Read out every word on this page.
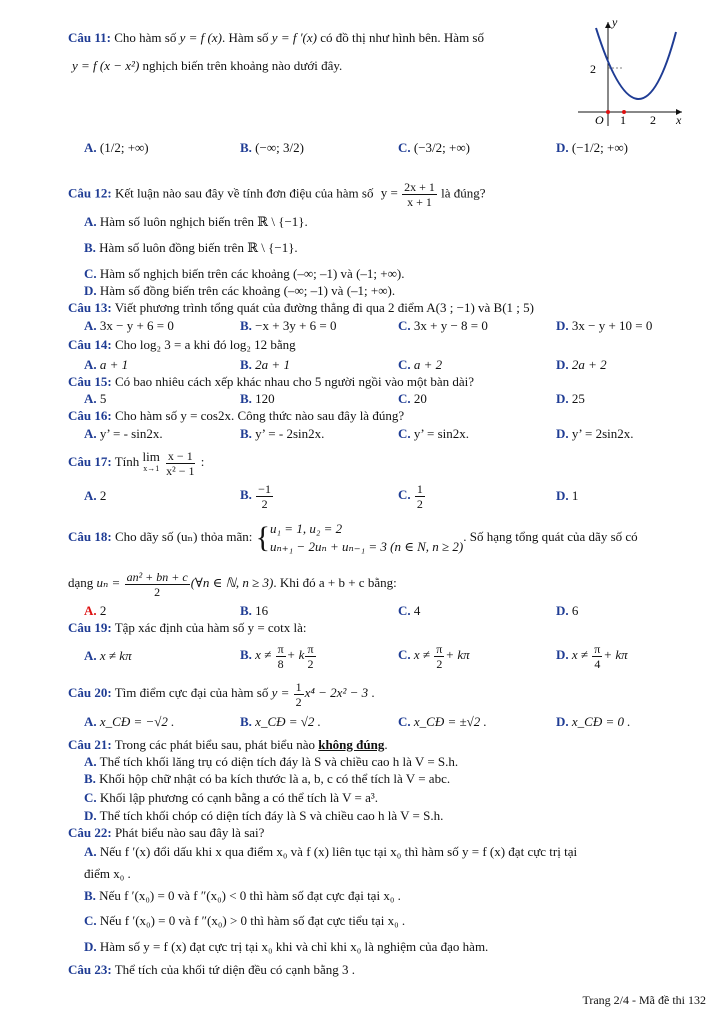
Câu 11: Cho hàm số y = f (x). Hàm số y = f ′(x) có đồ thị như hình bên. Hàm số
y = f (x − x²) nghịch biến trên khoảng nào dưới đây.
y
x
O 1 2
2
A. (1/2; +∞)	B. (−∞; 3/2)	C. (−3/2; +∞)	D. (−1/2; +∞)
Câu 12: Kết luận nào sau đây về tính đơn điệu của hàm số $y = \frac{2x + 1}{x + 1}$ là đúng?
A. Hàm số luôn nghịch biến trên ℝ \ {−1}.
B. Hàm số luôn đồng biến trên ℝ \ {−1}.
C. Hàm số nghịch biến trên các khoảng (–∞; –1) và (–1; +∞).
D. Hàm số đồng biến trên các khoảng (–∞; –1) và (–1; +∞).
Câu 13: Viết phương trình tổng quát của đường thẳng đi qua 2 điểm A(3 ; −1) và B(1 ; 5)
A. 3x − y + 6 = 0	B. −x + 3y + 6 = 0	C. 3x + y − 8 = 0	D. 3x − y + 10 = 0
Câu 14: Cho log₂ 3 = a khi đó log₂ 12 bằng
A. a + 1	B. 2a + 1	C. a + 2	D. 2a + 2
Câu 15: Có bao nhiêu cách xếp khác nhau cho 5 người ngồi vào một bàn dài?
A. 5	B. 120	C. 20	D. 25
Câu 16: Cho hàm số y = cos2x. Công thức nào sau đây là đúng?
A. y’ = - sin2x.	B. y’ = - 2sin2x.	C. y’ = sin2x.	D. y’ = 2sin2x.
Câu 17: Tính lim
x→1
$\frac{x - 1}{\text{x² − 1}}$ :
A. 2	B. $\frac{-1}{2}$	C. $\frac{1}{2}$	D. 1
Câu 18: Cho dãy số (uₙ) thỏa mãn: { u₁ = 1, u₂ = 2
uₙ₊₁ − 2uₙ + uₙ₋₁ = 3 (n ∈ N, n ≥ 2)
. Số hạng tổng quát của dãy số có
dạng $u_n = \frac{\text{an² + bn + c}}{2}$ (∀n ∈ ℕ, n ≥ 3). Khi đó a + b + c bằng:
A. 2	B. 16	C. 4	D. 6
Câu 19: Tập xác định của hàm số y = cotx là:
A. x ≠ kπ	B. $x \ne \frac{\pi}{8} + k \frac{\pi}{2}$	C. $x \ne \frac{\pi}{2} + k\pi$	D. $x \ne \frac{\pi}{4} + k\pi$
Câu 20: Tìm điểm cực đại của hàm số $y = \frac{1}{2} x^4 - 2x^2 - 3$ .
A. x_CĐ = −√2 .	B. x_CĐ = √2 .	C. x_CĐ = ±√2 .	D. x_CĐ = 0 .
Câu 21: Trong các phát biểu sau, phát biểu nào không đúng.
A. Thể tích khối lăng trụ có diện tích đáy là S và chiều cao h là V = S.h.
B. Khối hộp chữ nhật có ba kích thước là a, b, c có thể tích là V = abc.
C. Khối lập phương có cạnh bằng a có thể tích là V = a³.
D. Thể tích khối chóp có diện tích đáy là S và chiều cao h là V = S.h.
Câu 22: Phát biểu nào sau đây là sai?
A. Nếu f ′(x) đổi dấu khi x qua điểm x₀ và f (x) liên tục tại x₀ thì hàm số y = f (x) đạt cực trị tại
điểm x₀ .
B. Nếu f ′(x₀) = 0 và f ″(x₀) < 0 thì hàm số đạt cực đại tại x₀ .
C. Nếu f ′(x₀) = 0 và f ″(x₀) > 0 thì hàm số đạt cực tiểu tại x₀ .
D. Hàm số y = f (x) đạt cực trị tại x₀ khi và chỉ khi x₀ là nghiệm của đạo hàm.
Câu 23: Thể tích của khối tứ diện đều có cạnh bằng 3 .
Trang 2/4 - Mã đề thi 132
